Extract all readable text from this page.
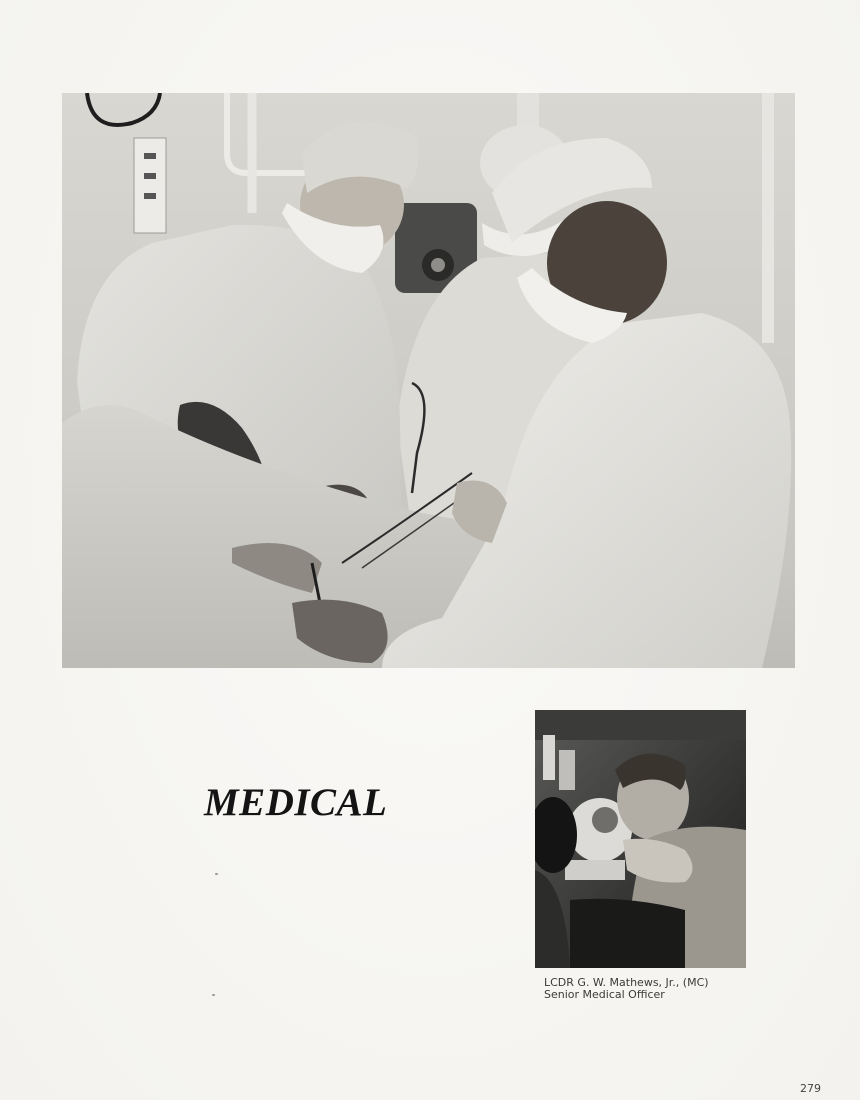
MEDICAL
LCDR G. W. Mathews, Jr., (MC)
Senior Medical Officer
279
